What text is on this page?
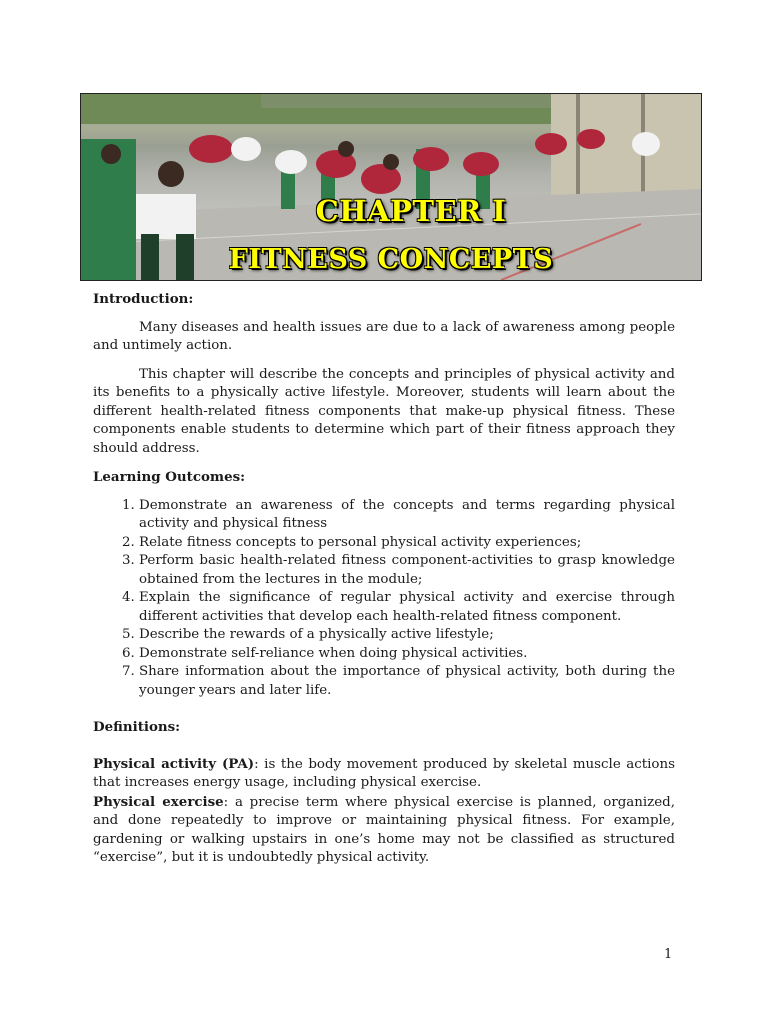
CHAPTER I
FITNESS CONCEPTS

Introduction:

Many diseases and health issues are due to a lack of awareness among people and untimely action.

This chapter will describe the concepts and principles of physical activity and its benefits to a physically active lifestyle. Moreover, students will learn about the different health-related fitness components that make-up physical fitness. These components enable students to determine which part of their fitness approach they should address.

Learning Outcomes:

1. Demonstrate an awareness of the concepts and terms regarding physical activity and physical fitness
2. Relate fitness concepts to personal physical activity experiences;
3. Perform basic health-related fitness component-activities to grasp knowledge obtained from the lectures in the module;
4. Explain the significance of regular physical activity and exercise through different activities that develop each health-related fitness component.
5. Describe the rewards of a physically active lifestyle;
6. Demonstrate self-reliance when doing physical activities.
7. Share information about the importance of physical activity, both during the younger years and later life.

Definitions:

Physical activity (PA): is the body movement produced by skeletal muscle actions that increases energy usage, including physical exercise.

Physical exercise: a precise term where physical exercise is planned, organized, and done repeatedly to improve or maintaining physical fitness. For example, gardening or walking upstairs in one’s home may not be classified as structured “exercise”, but it is undoubtedly physical activity.

1
